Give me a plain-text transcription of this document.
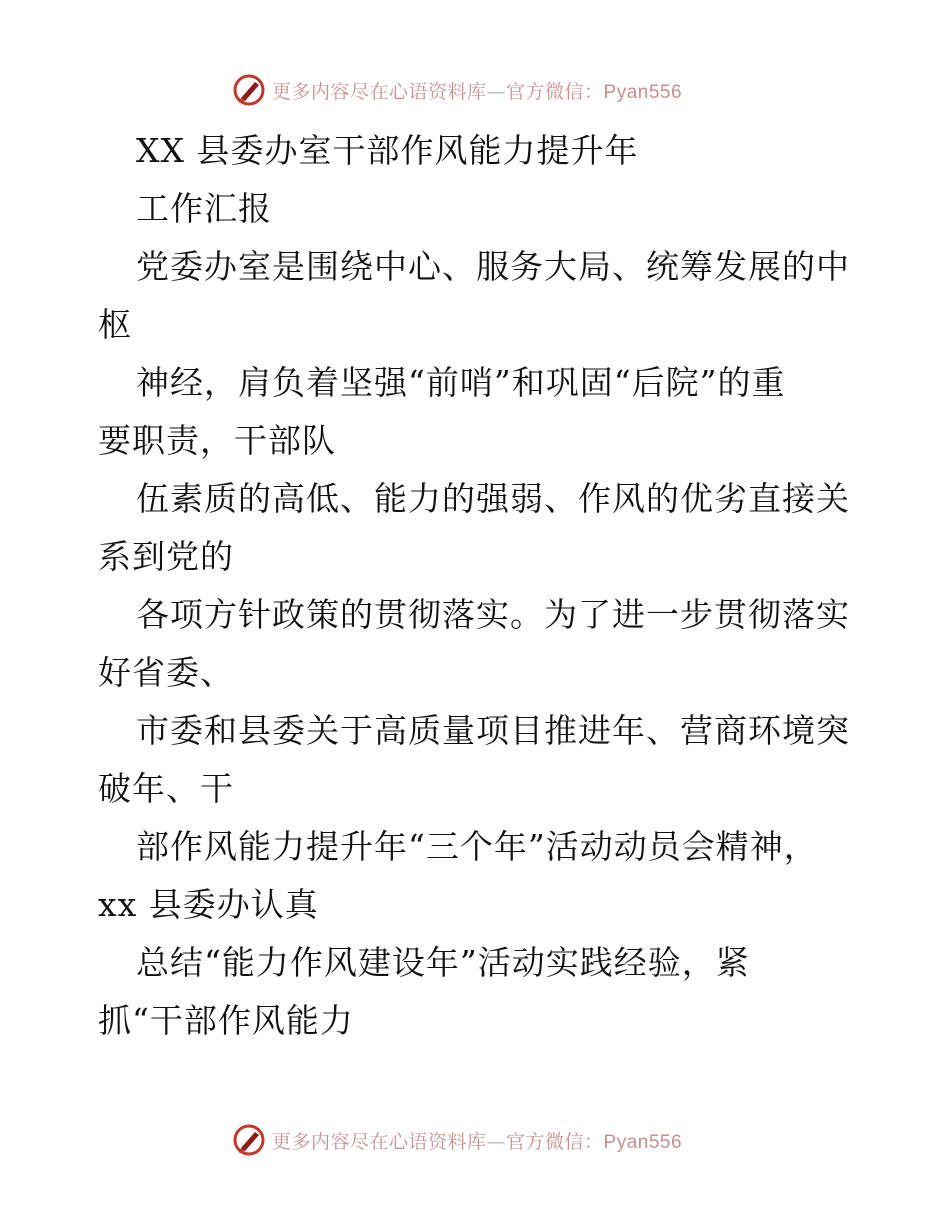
更多内容尽在心语资料库—官方微信：Pyan556
XX 县委办室干部作风能力提升年
工作汇报
党委办室是围绕中心、服务大局、统筹发展的中
枢
神经，肩负着坚强“前哨”和巩固“后院”的重
要职责，干部队
伍素质的高低、能力的强弱、作风的优劣直接关
系到党的
各项方针政策的贯彻落实。为了进一步贯彻落实
好省委、
市委和县委关于高质量项目推进年、营商环境突
破年、干
部作风能力提升年“三个年”活动动员会精神，
xx 县委办认真
总结“能力作风建设年”活动实践经验，紧
抓“干部作风能力
更多内容尽在心语资料库—官方微信：Pyan556
